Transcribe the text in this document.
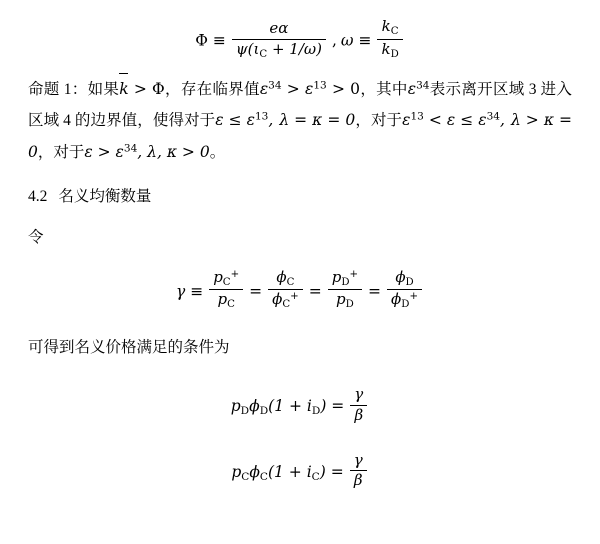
$\Phi \equiv \frac{e\alpha}{\psi(\iota C + 1/\omega)}$ , $\omega \equiv \frac{kC}{kD}$
命题 1：如果k > Φ，存在临界值$\varepsilon^{34} > \varepsilon^{13} > 0$，其中$\varepsilon^{34}$表示离开区域 3 进入区域 4 的边界值，使得对于$\varepsilon \le \varepsilon^{13}$, λ = κ = 0，对于$\varepsilon^{13} < \varepsilon \le \varepsilon^{34}$, λ > κ = 0，对于$\varepsilon > \varepsilon^{34}$, λ, κ > 0。
4.2 名义均衡数量
令
$\gamma \equiv \frac{pC^+}{pC} = \frac{\phi C}{\phi C^+} = \frac{pD^+}{pD} = \frac{\phi D}{\phi D^+}$
可得到名义价格满足的条件为
$pD\phi D(1 + iD) = \frac{\gamma}{\beta}$
$pC\phi C(1 + iC) = \frac{\gamma}{\beta}$
